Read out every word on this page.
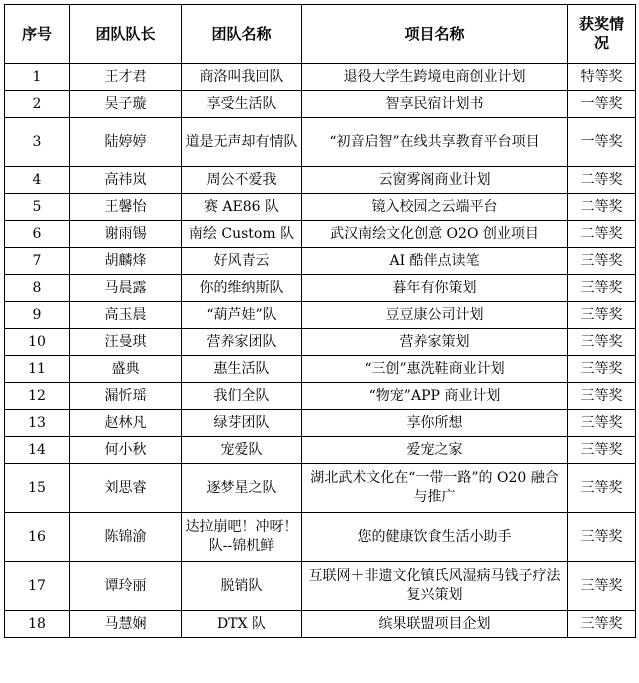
序号	团队队长	团队名称	项目名称	获奖情况
1	王才君	商洛叫我回队	退役大学生跨境电商创业计划	特等奖
2	吴子璇	享受生活队	智享民宿计划书	一等奖
3	陆婷婷	道是无声却有情队	“初音启智”在线共享教育平台项目	一等奖
4	高祎岚	周公不爱我	云窗雾阁商业计划	二等奖
5	王馨怡	赛 AE86 队	镜入校园之云端平台	二等奖
6	谢雨锡	南绘 Custom 队	武汉南绘文化创意 O2O 创业项目	二等奖
7	胡麟烽	好风青云	AI 酷伴点读笔	三等奖
8	马晨露	你的维纳斯队	暮年有你策划	三等奖
9	高玉晨	“葫芦娃”队	豆豆康公司计划	三等奖
10	汪曼琪	营养家团队	营养家策划	三等奖
11	盛典	惠生活队	“三创”惠洗鞋商业计划	三等奖
12	漏忻瑶	我们全队	“物宠”APP 商业计划	三等奖
13	赵林凡	绿芽团队	享你所想	三等奖
14	何小秋	宠爱队	爱宠之家	三等奖
15	刘思睿	逐梦星之队	湖北武术文化在“一带一路”的 O20 融合与推广	三等奖
16	陈锦渝	达拉崩吧！冲呀！队--锦机鲜	您的健康饮食生活小助手	三等奖
17	谭玲丽	脱销队	互联网＋非遗文化镇氏风湿病马钱子疗法复兴策划	三等奖
18	马慧娴	DTX 队	缤果联盟项目企划	三等奖
